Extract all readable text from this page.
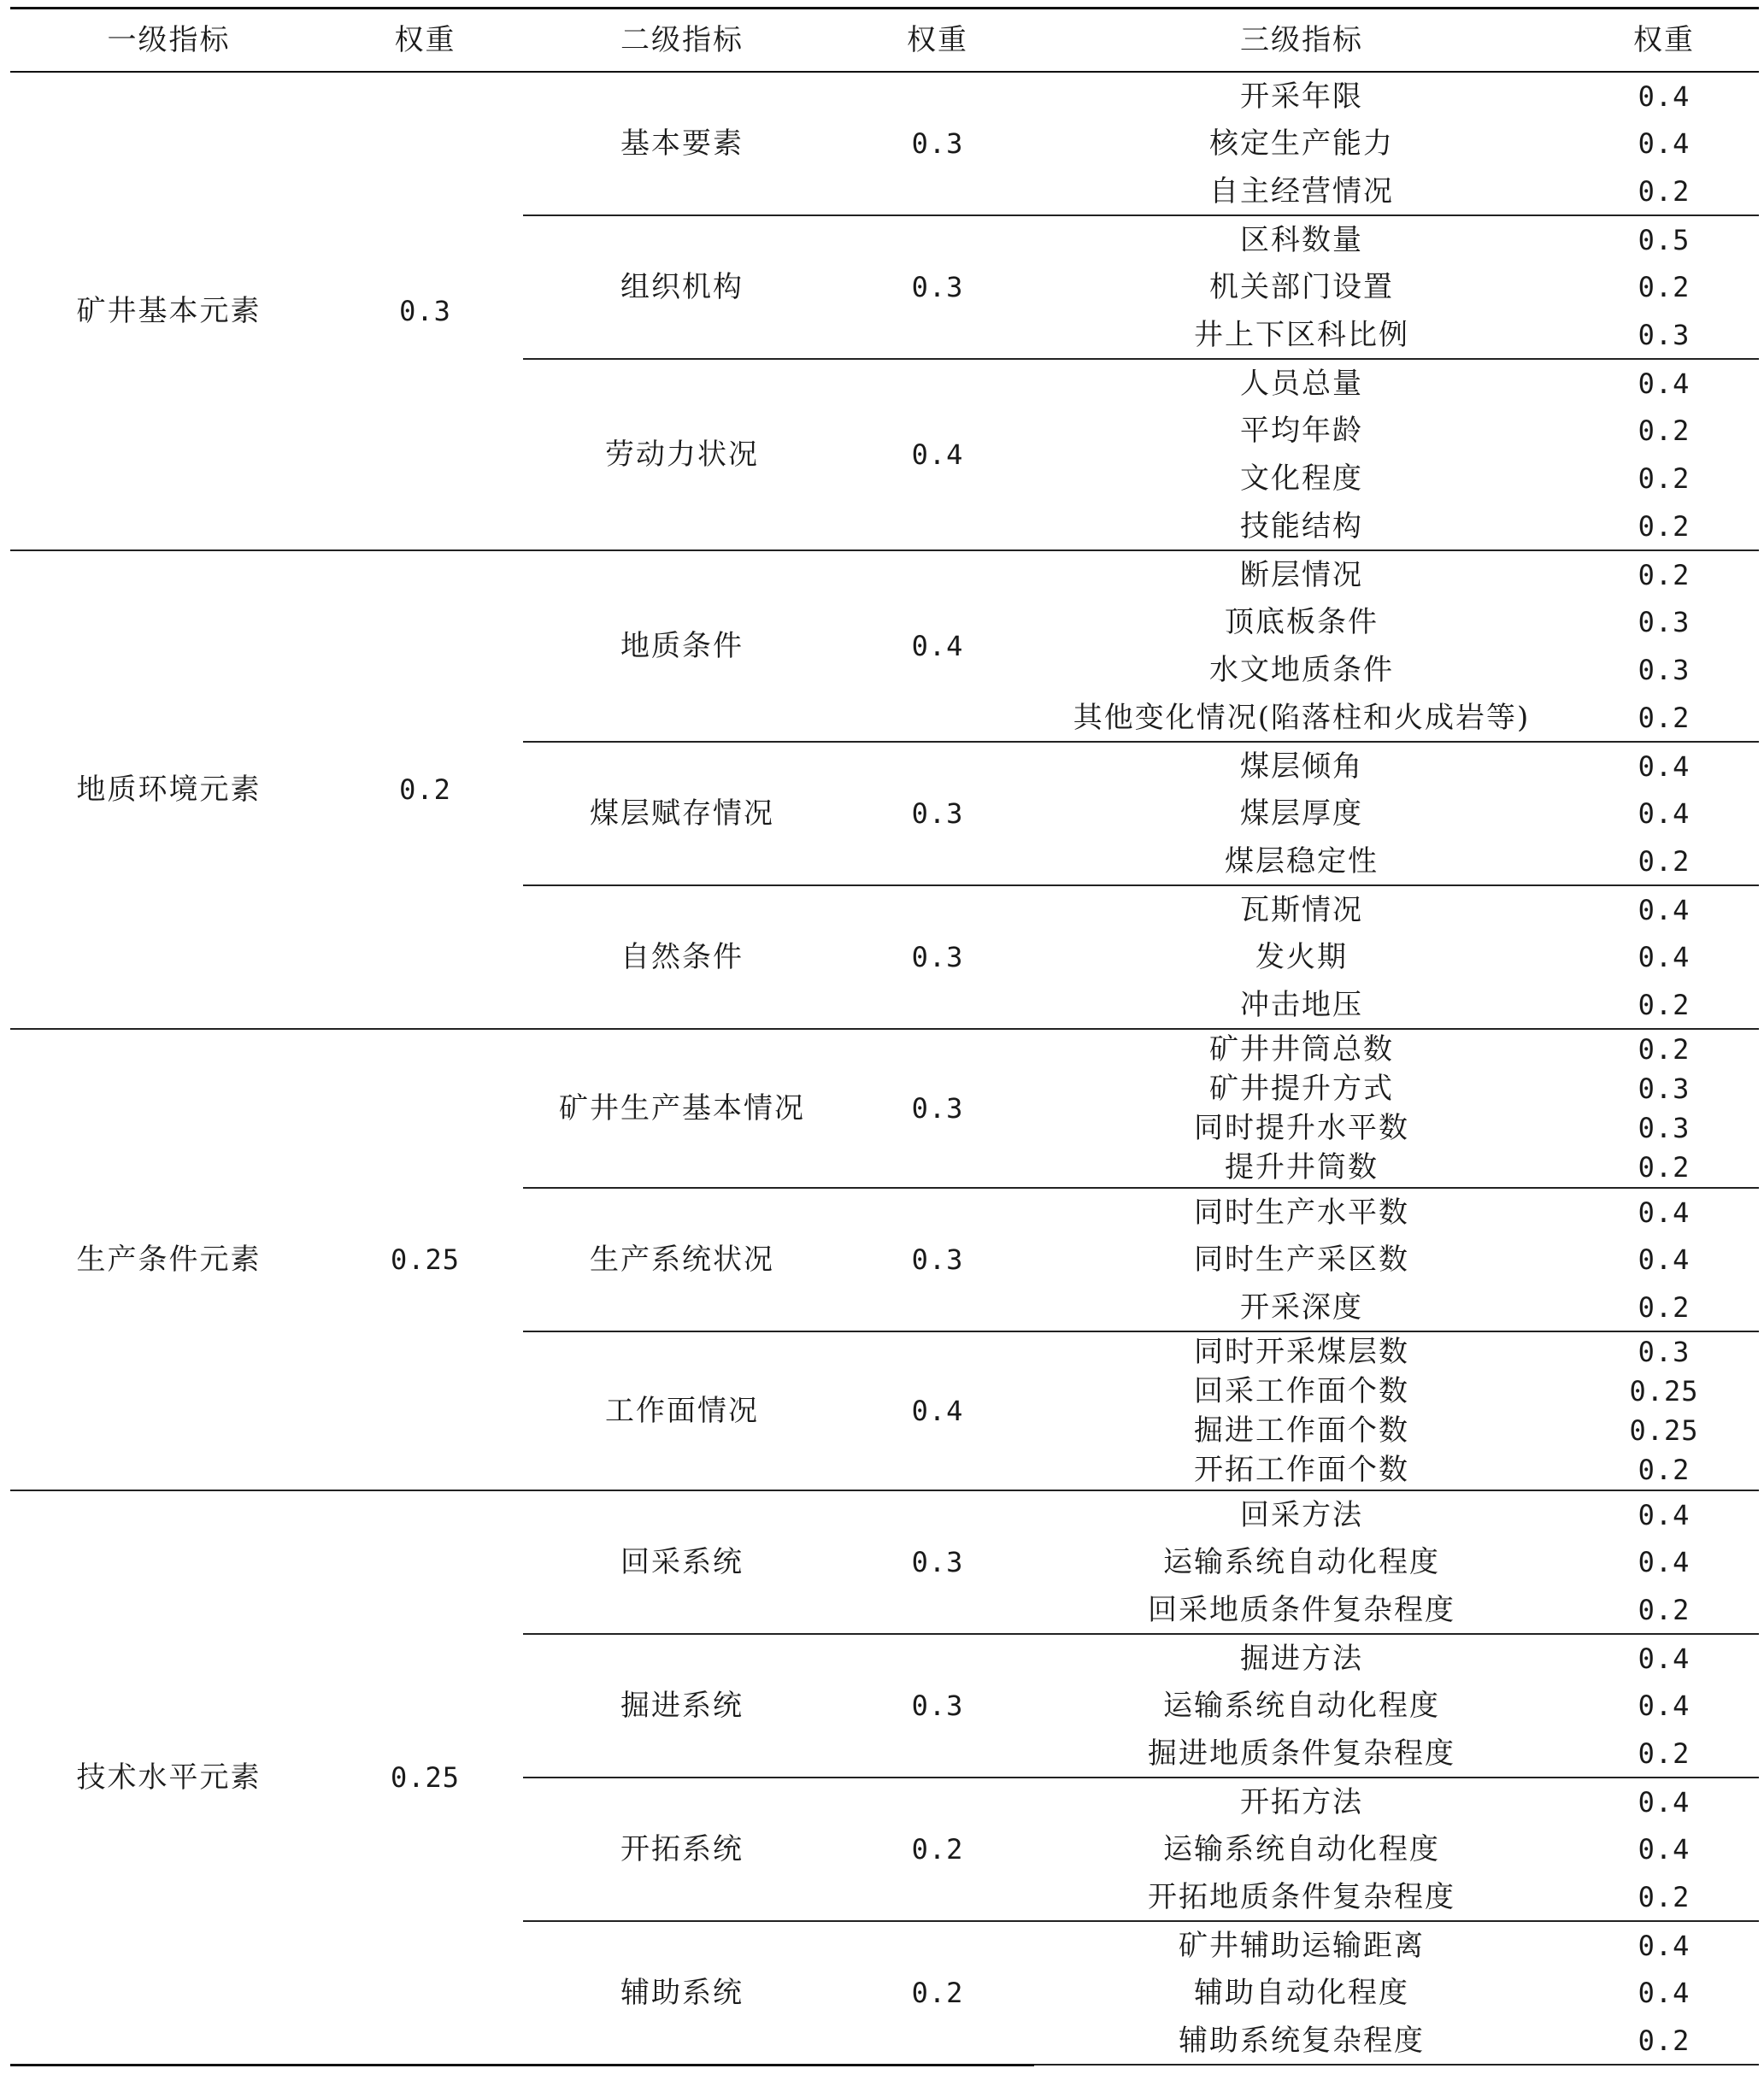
一级指标	权重	二级指标	权重	三级指标	权重
矿井基本元素	0.3	基本要素	0.3	开采年限	0.4
				核定生产能力	0.4
				自主经营情况	0.2
		组织机构	0.3	区科数量	0.5
				机关部门设置	0.2
				井上下区科比例	0.3
		劳动力状况	0.4	人员总量	0.4
				平均年龄	0.2
				文化程度	0.2
				技能结构	0.2
地质环境元素	0.2	地质条件	0.4	断层情况	0.2
				顶底板条件	0.3
				水文地质条件	0.3
				其他变化情况(陷落柱和火成岩等)	0.2
		煤层赋存情况	0.3	煤层倾角	0.4
				煤层厚度	0.4
				煤层稳定性	0.2
		自然条件	0.3	瓦斯情况	0.4
				发火期	0.4
				冲击地压	0.2
生产条件元素	0.25	矿井生产基本情况	0.3	矿井井筒总数	0.2
				矿井提升方式	0.3
				同时提升水平数	0.3
				提升井筒数	0.2
		生产系统状况	0.3	同时生产水平数	0.4
				同时生产采区数	0.4
				开采深度	0.2
		工作面情况	0.4	同时开采煤层数	0.3
				回采工作面个数	0.25
				掘进工作面个数	0.25
				开拓工作面个数	0.2
技术水平元素	0.25	回采系统	0.3	回采方法	0.4
				运输系统自动化程度	0.4
				回采地质条件复杂程度	0.2
		掘进系统	0.3	掘进方法	0.4
				运输系统自动化程度	0.4
				掘进地质条件复杂程度	0.2
		开拓系统	0.2	开拓方法	0.4
				运输系统自动化程度	0.4
				开拓地质条件复杂程度	0.2
		辅助系统	0.2	矿井辅助运输距离	0.4
				辅助自动化程度	0.4
				辅助系统复杂程度	0.2
